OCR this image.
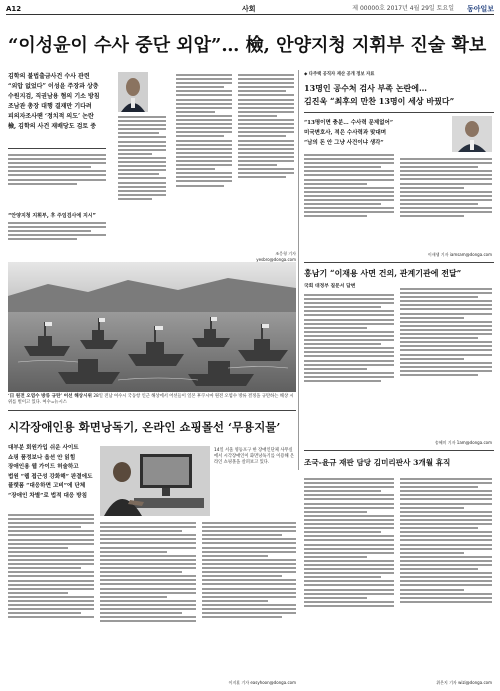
A12	사회	제 00000호 2017년 4월 29일 토요일 동아일보
“이성윤이 수사 중단 외압”… 檢, 안양지청 지휘부 진술 확보
김학의 불법출금사건 수사 관련
“외압 없었다” 이성윤 주장과 상충
수원지검, 직권남용 혐의 기소 방침
조남관 총장 대행 결재만 기다려
피의자조사땐 ‘정치적 의도’ 논란
檢, 김학의 사건 재배당도 검토 중
“안양지청 지휘부, 후 주임검사에 지시”
조응형 기자 yesbro@donga.com
◆ 다주택 공직자 재산 공개 정보 자료
13명인 공수처 검사 부족 논란에…
김진욱 “최후의 만찬 13명이 세상 바꿨다”
“13명이면 충분… 수사력 문제없어”
미국변호사, 적은 수사력과 맞대며
“남의 돈 안 그냥 사건이냐 생각”
이새샘 기자 iamsam@donga.com
‘日 원전 오염수 방류 규탄’ 어선 해상시위 28일 전남 여수시 국동항 인근 해상에서 어선들이 일본 후쿠시마 원전 오염수 방류 결정을 규탄하는 해상 시위를 벌이고 있다. 여수=뉴시스
홍남기 “이재용 사면 건의, 관계기관에 전달”
국회 대정부 질문서 답변
송혜미 기자 1am@donga.com
시각장애인용 화면낭독기, 온라인 쇼핑몰선 ‘무용지물’
대부분 회원가입 쉬운 사이트
쇼핑 품정보나 옵션 안 읽힘
장애인용 웹 가이드 허술하고
법원 “웹 접근성 강화해” 판결에도
플랫폼 “대응하면 고비”에 단체
“장애인 차별”로 법적 대응 방침
14일 서울 영등포구 한 장애인단체 사무실에서 시각장애인이 화면낭독기를 이용해 온라인 쇼핑몰을 살펴보고 있다.
이지훈 기자 easyhoon@donga.com
조국-윤규 재판 담당 김미리판사 3개월 휴직
위은지 기자 wizi@donga.com
